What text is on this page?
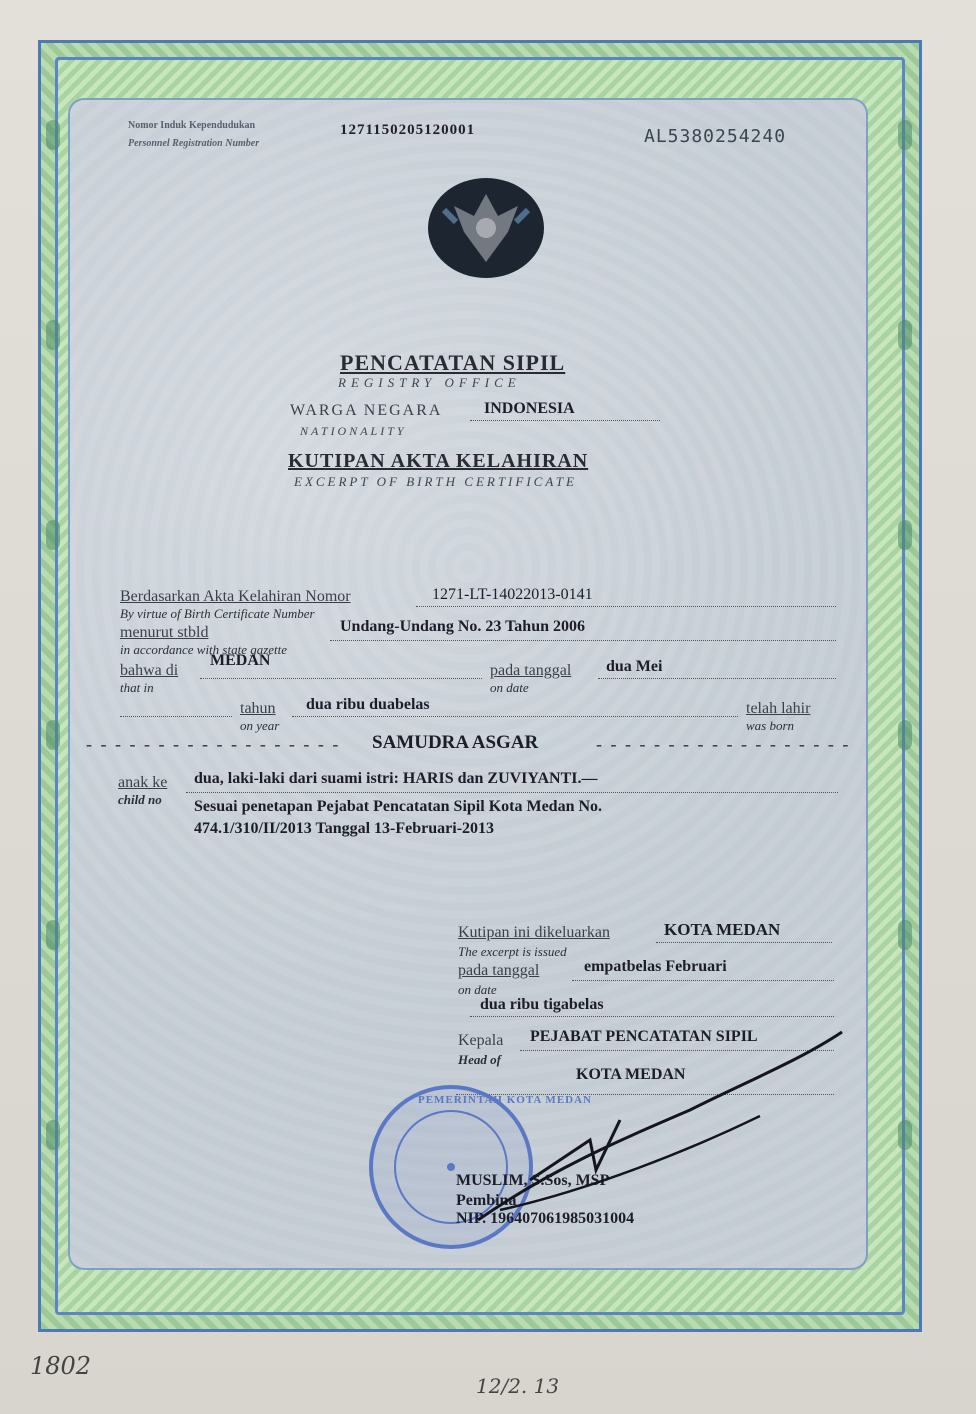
Nomor Induk Kependudukan
Personnel Registration Number
1271150205120001	AL5380254240
PENCATATAN SIPIL
REGISTRY OFFICE
WARGA NEGARA
NATIONALITY
INDONESIA
KUTIPAN AKTA KELAHIRAN
EXCERPT OF BIRTH CERTIFICATE
Berdasarkan Akta Kelahiran Nomor
By virtue of Birth Certificate Number
1271-LT-14022013-0141
menurut stbld
in accordance with state gazette
Undang-Undang No. 23 Tahun 2006
bahwa di
that in
MEDAN
pada tanggal
on date
dua Mei
tahun
on year
dua ribu duabelas	telah lahir
was born
- - - - - - - - - - - - - - - - - - SAMUDRA ASGAR	- - - - - - - - - - - - - - - - - -
anak ke
child no
dua, laki-laki dari suami istri: HARIS dan ZUVIYANTI.—
Sesuai penetapan Pejabat Pencatatan Sipil Kota Medan No.
474.1/310/II/2013 Tanggal 13-Februari-2013
Kutipan ini dikeluarkan
The excerpt is issued
KOTA MEDAN
pada tanggal
on date
empatbelas Februari
dua ribu tigabelas
Kepala
Head of
PEJABAT PENCATATAN SIPIL
KOTA MEDAN
PEMERINTAH KOTA MEDAN
MUSLIM, S.Sos, MSP
Pembina
NIP. 196407061985031004
1802
12/2. 13
